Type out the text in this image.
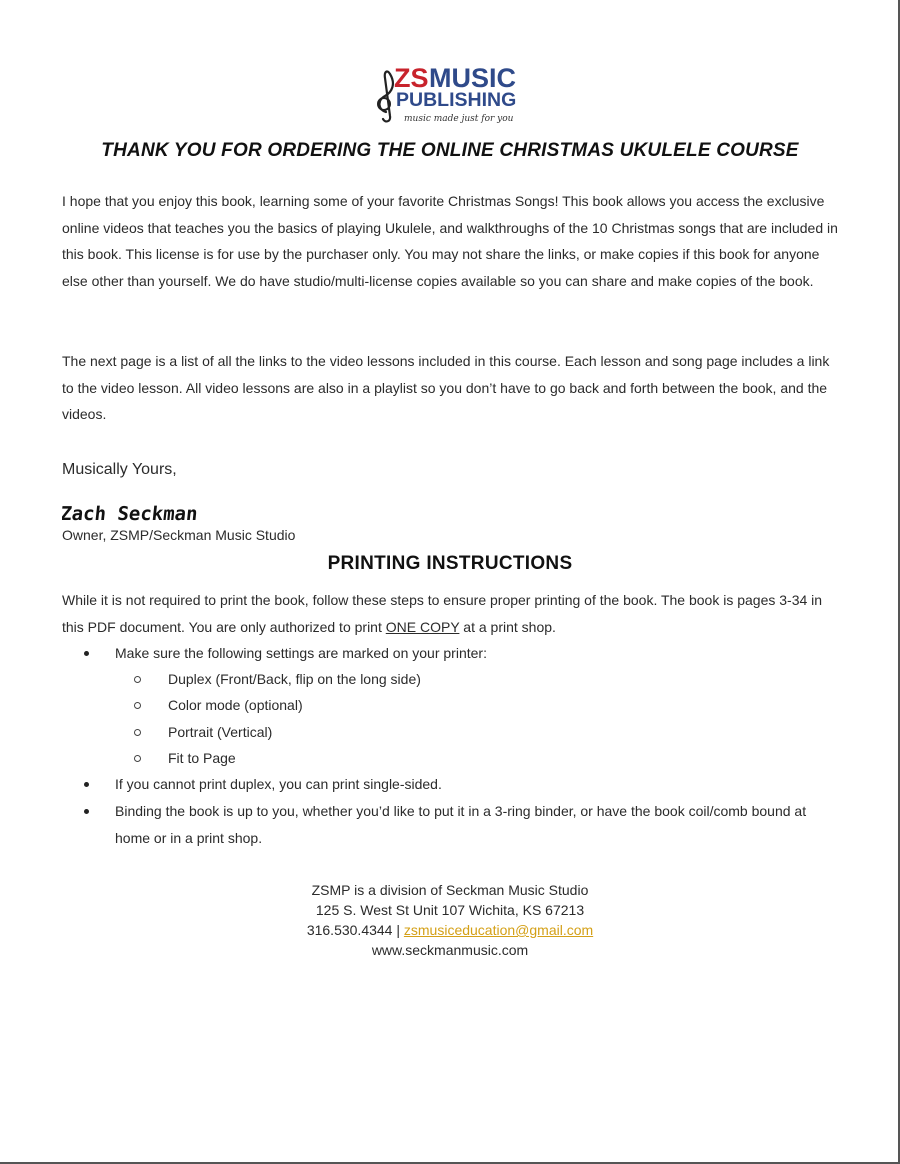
ZS MUSIC
PUBLISHING
music made just for you
THANK YOU FOR ORDERING THE ONLINE CHRISTMAS UKULELE COURSE
I hope that you enjoy this book, learning some of your favorite Christmas Songs! This book allows you access the exclusive online videos that teaches you the basics of playing Ukulele, and walkthroughs of the 10 Christmas songs that are included in this book. This license is for use by the purchaser only. You may not share the links, or make copies if this book for anyone else other than yourself. We do have studio/multi-license copies available so you can share and make copies of the book.
The next page is a list of all the links to the video lessons included in this course. Each lesson and song page includes a link to the video lesson. All video lessons are also in a playlist so you don’t have to go back and forth between the book, and the videos.
Musically Yours,
Zach Seckman
Owner, ZSMP/Seckman Music Studio
PRINTING INSTRUCTIONS
While it is not required to print the book, follow these steps to ensure proper printing of the book. The book is pages 3-34 in this PDF document. You are only authorized to print ONE COPY at a print shop.
Make sure the following settings are marked on your printer:
Duplex (Front/Back, flip on the long side)
Color mode (optional)
Portrait (Vertical)
Fit to Page
If you cannot print duplex, you can print single-sided.
Binding the book is up to you, whether you’d like to put it in a 3-ring binder, or have the book coil/comb bound at home or in a print shop.
ZSMP is a division of Seckman Music Studio
125 S. West St Unit 107 Wichita, KS 67213
316.530.4344 | zsmusiceducation@gmail.com
www.seckmanmusic.com
